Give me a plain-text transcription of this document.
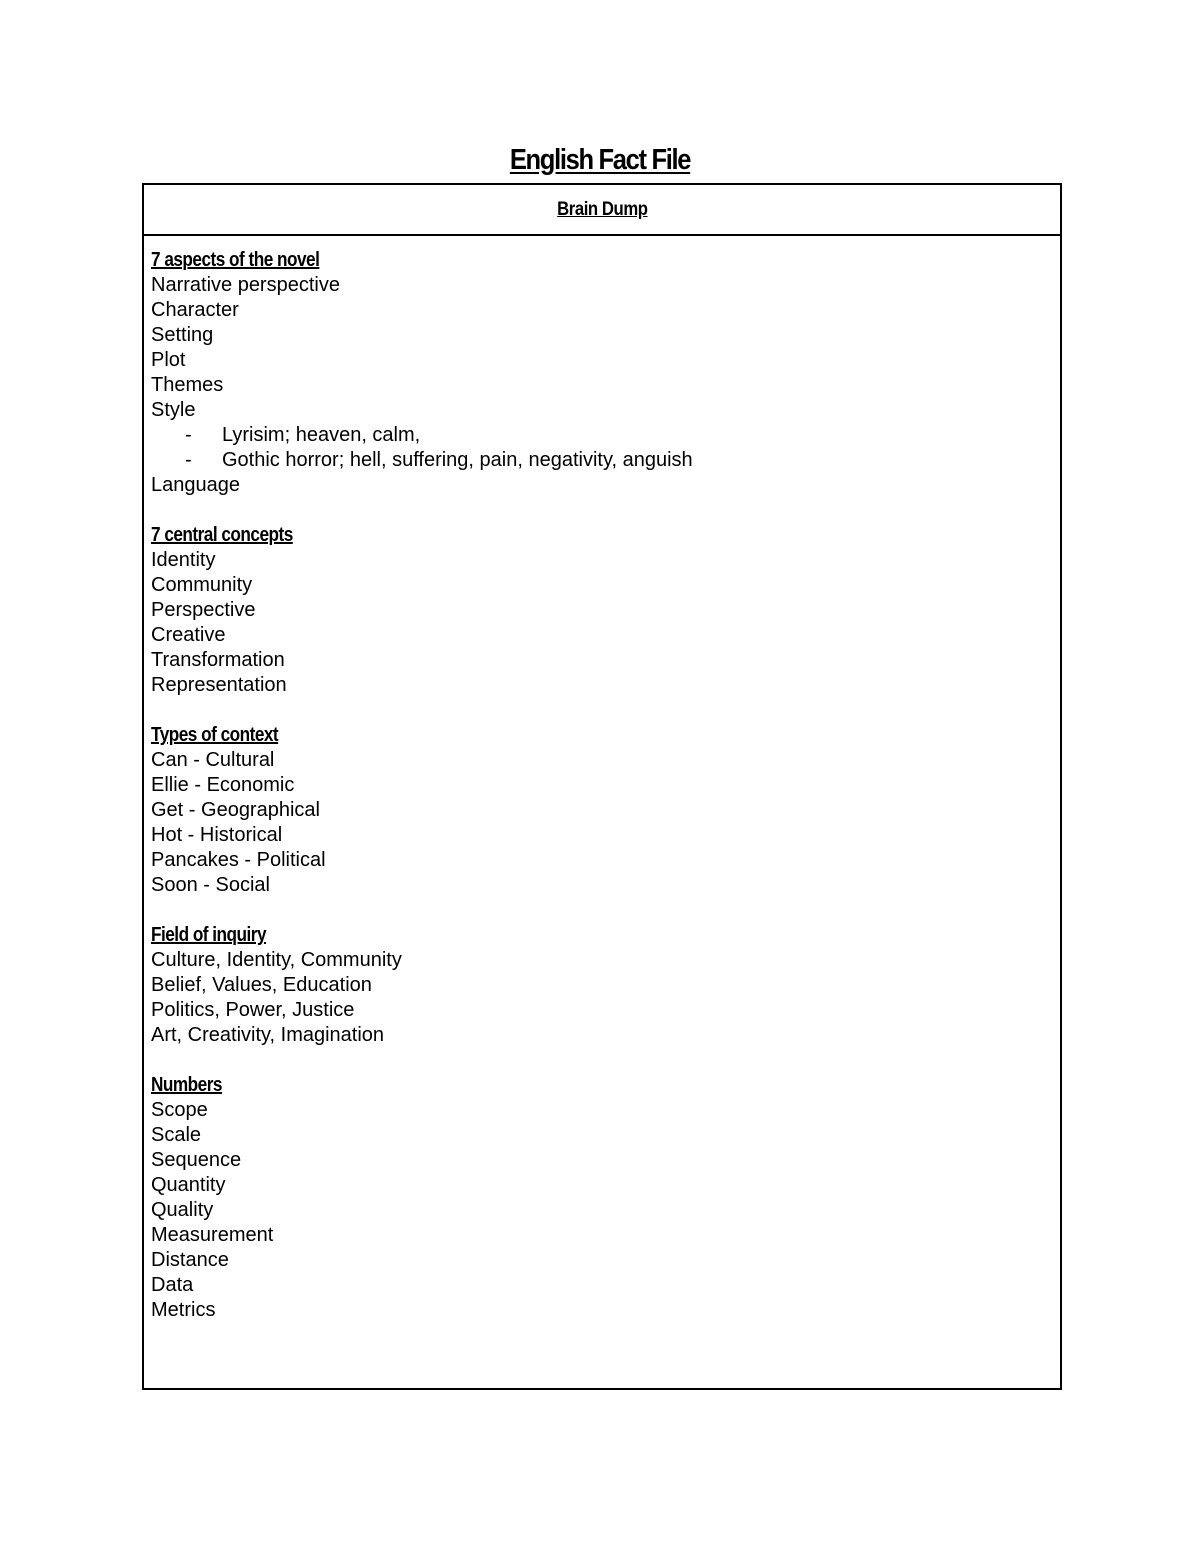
English Fact File
Brain Dump
7 aspects of the novel
Narrative perspective
Character
Setting
Plot
Themes
Style
- Lyrisim; heaven, calm,
- Gothic horror; hell, suffering, pain, negativity, anguish
Language
7 central concepts
Identity
Community
Perspective
Creative
Transformation
Representation
Types of context
Can - Cultural
Ellie - Economic
Get - Geographical
Hot - Historical
Pancakes - Political
Soon - Social
Field of inquiry
Culture, Identity, Community
Belief, Values, Education
Politics, Power, Justice
Art, Creativity, Imagination
Numbers
Scope
Scale
Sequence
Quantity
Quality
Measurement
Distance
Data
Metrics
